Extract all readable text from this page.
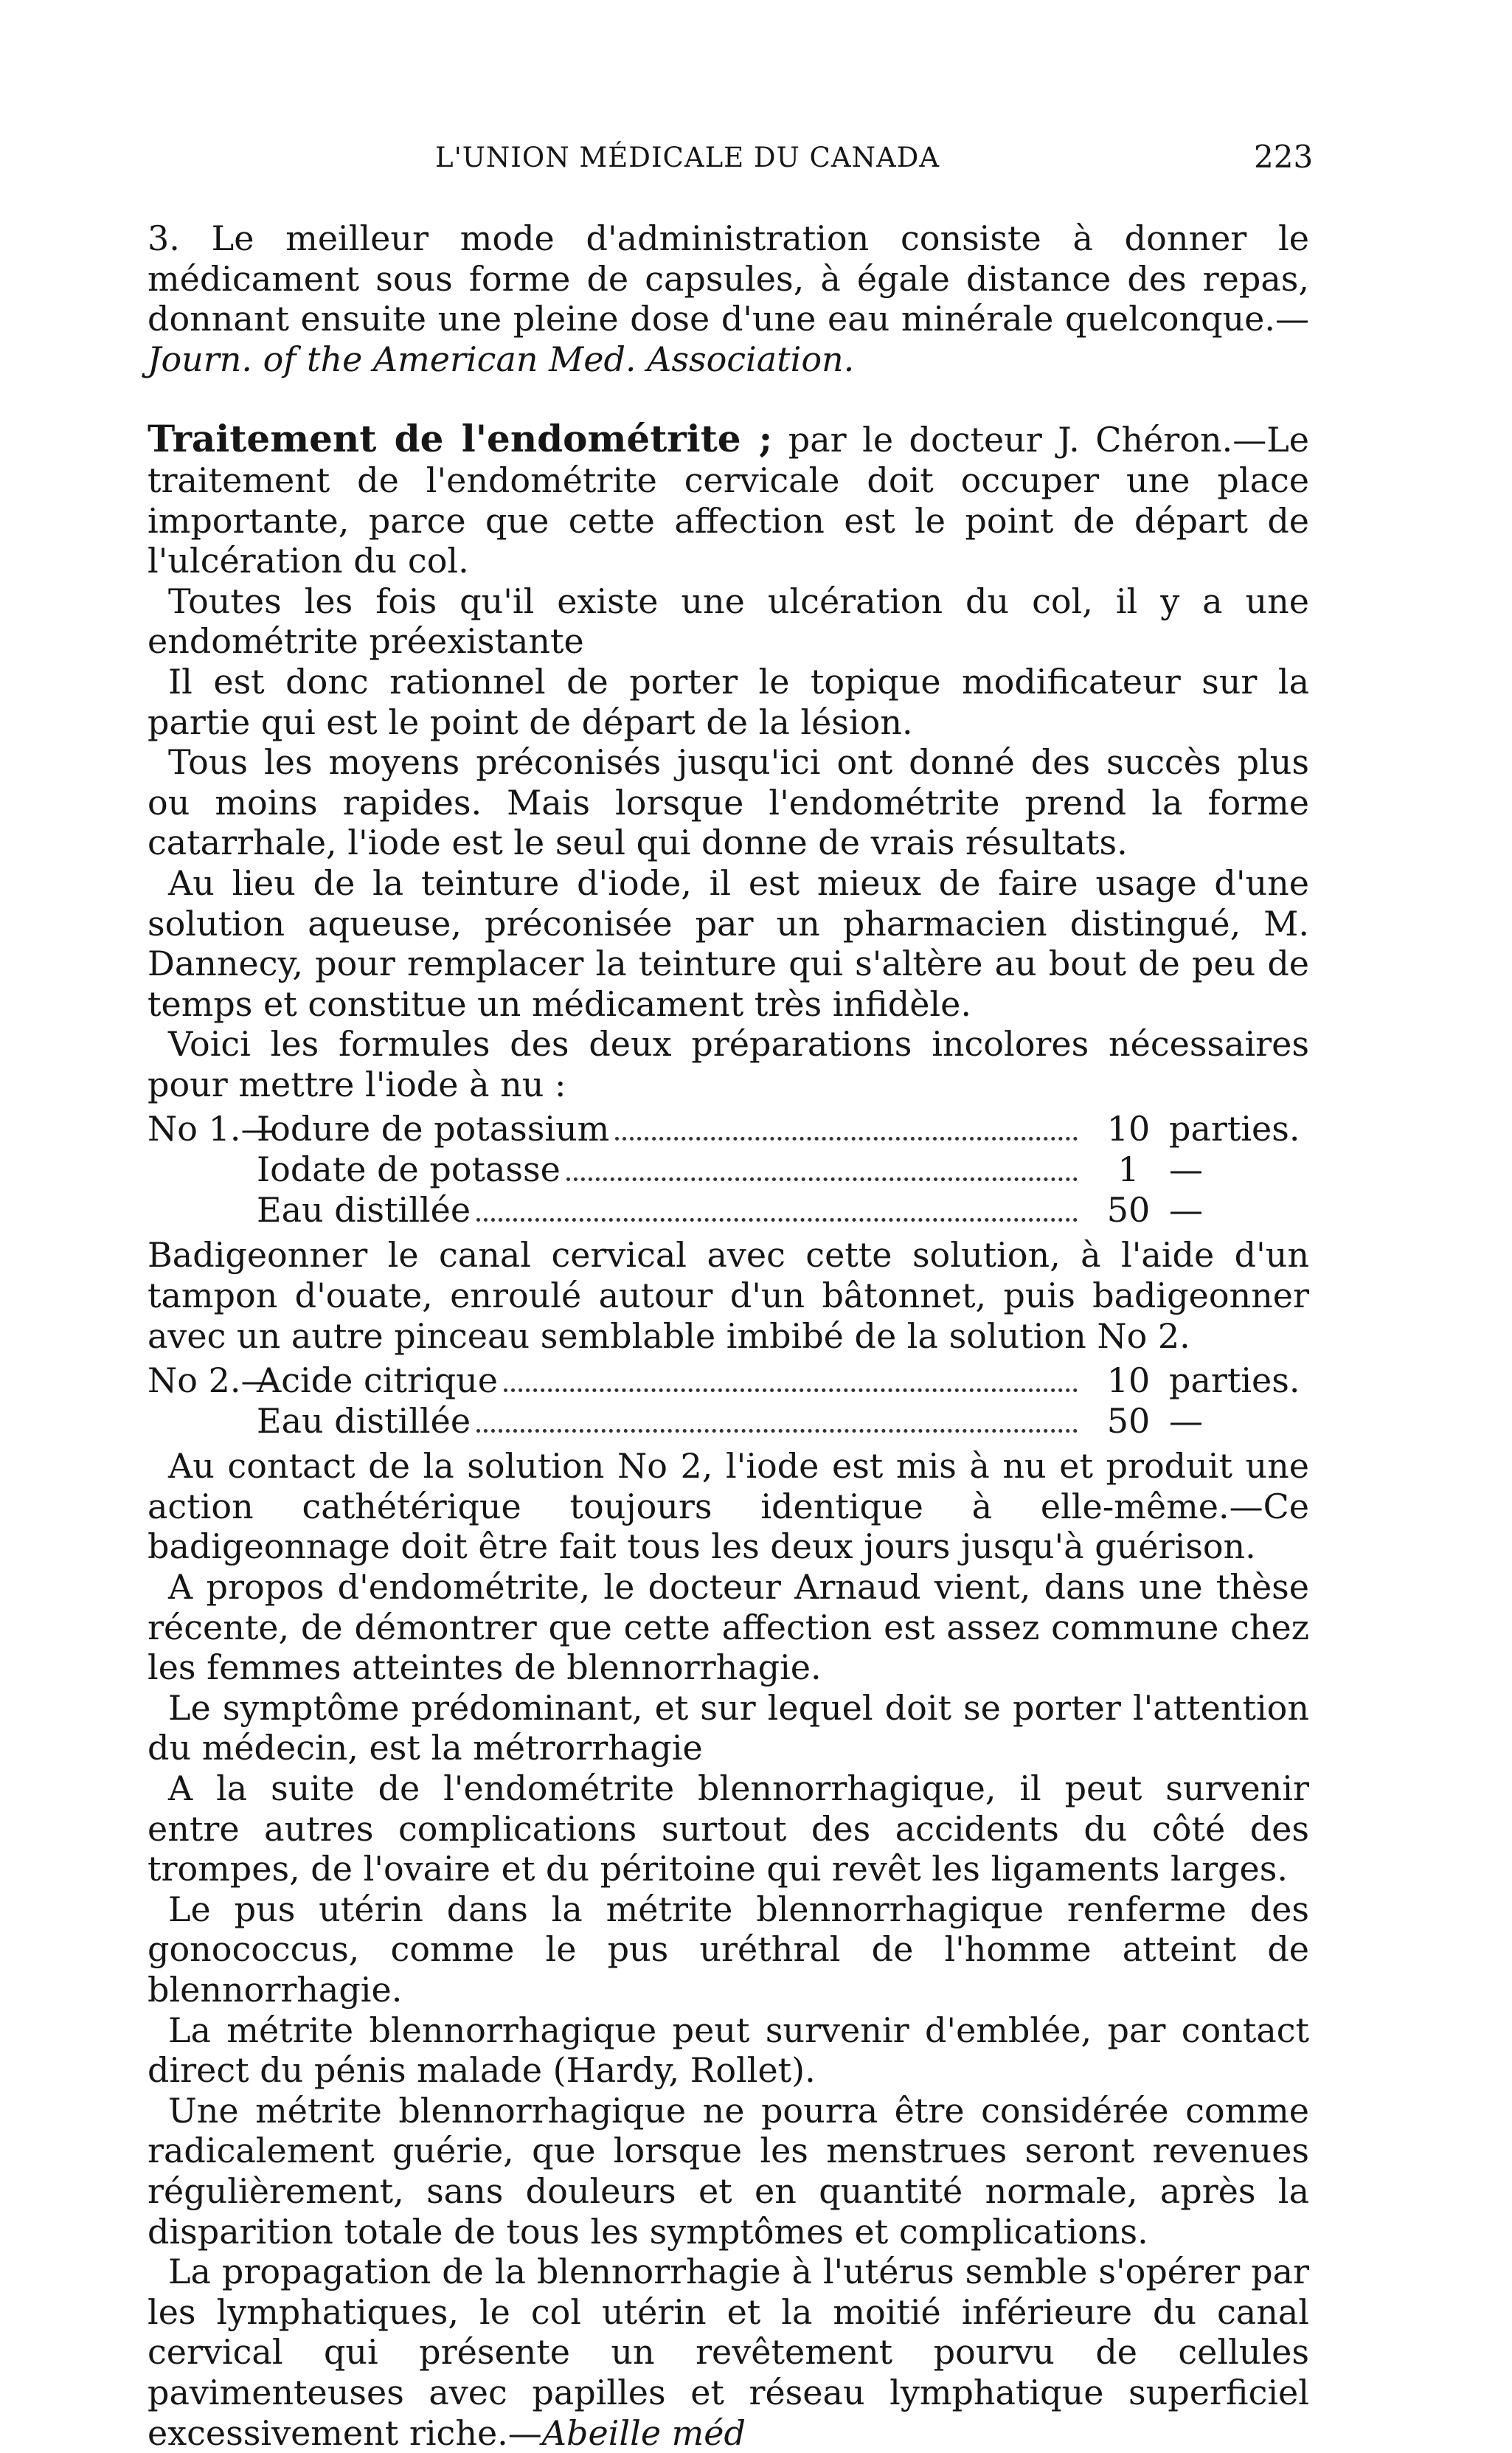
L'UNION MÉDICALE DU CANADA	223

3. Le meilleur mode d'administration consiste à donner le médicament sous forme de capsules, à égale distance des repas, donnant ensuite une pleine dose d'une eau minérale quelconque.—Journ. of the American Med. Association.

Traitement de l'endométrite ; par le docteur J. Chéron.—Le traitement de l'endométrite cervicale doit occuper une place importante, parce que cette affection est le point de départ de l'ulcération du col.

Toutes les fois qu'il existe une ulcération du col, il y a une endométrite préexistante

Il est donc rationnel de porter le topique modificateur sur la partie qui est le point de départ de la lésion.

Tous les moyens préconisés jusqu'ici ont donné des succès plus ou moins rapides. Mais lorsque l'endométrite prend la forme catarrhale, l'iode est le seul qui donne de vrais résultats.

Au lieu de la teinture d'iode, il est mieux de faire usage d'une solution aqueuse, préconisée par un pharmacien distingué, M. Dannecy, pour remplacer la teinture qui s'altère au bout de peu de temps et constitue un médicament très infidèle.

Voici les formules des deux préparations incolores nécessaires pour mettre l'iode à nu :

No 1.—
Iodure de potassium	10 parties.
Iodate de potasse	1 —
Eau distillée	50 —

Badigeonner le canal cervical avec cette solution, à l'aide d'un tampon d'ouate, enroulé autour d'un bâtonnet, puis badigeonner avec un autre pinceau semblable imbibé de la solution No 2.

No 2.—
Acide citrique	10 parties.
Eau distillée	50 —

Au contact de la solution No 2, l'iode est mis à nu et produit une action cathétérique toujours identique à elle-même.—Ce badigeonnage doit être fait tous les deux jours jusqu'à guérison.

A propos d'endométrite, le docteur Arnaud vient, dans une thèse récente, de démontrer que cette affection est assez commune chez les femmes atteintes de blennorrhagie.

Le symptôme prédominant, et sur lequel doit se porter l'attention du médecin, est la métrorrhagie

A la suite de l'endométrite blennorrhagique, il peut survenir entre autres complications surtout des accidents du côté des trompes, de l'ovaire et du péritoine qui revêt les ligaments larges.

Le pus utérin dans la métrite blennorrhagique renferme des gonococcus, comme le pus uréthral de l'homme atteint de blennorrhagie.

La métrite blennorrhagique peut survenir d'emblée, par contact direct du pénis malade (Hardy, Rollet).

Une métrite blennorrhagique ne pourra être considérée comme radicalement guérie, que lorsque les menstrues seront revenues régulièrement, sans douleurs et en quantité normale, après la disparition totale de tous les symptômes et complications.

La propagation de la blennorrhagie à l'utérus semble s'opérer par les lymphatiques, le col utérin et la moitié inférieure du canal cervical qui présente un revêtement pourvu de cellules pavimenteuses avec papilles et réseau lymphatique superficiel excessivement riche.—Abeille méd
